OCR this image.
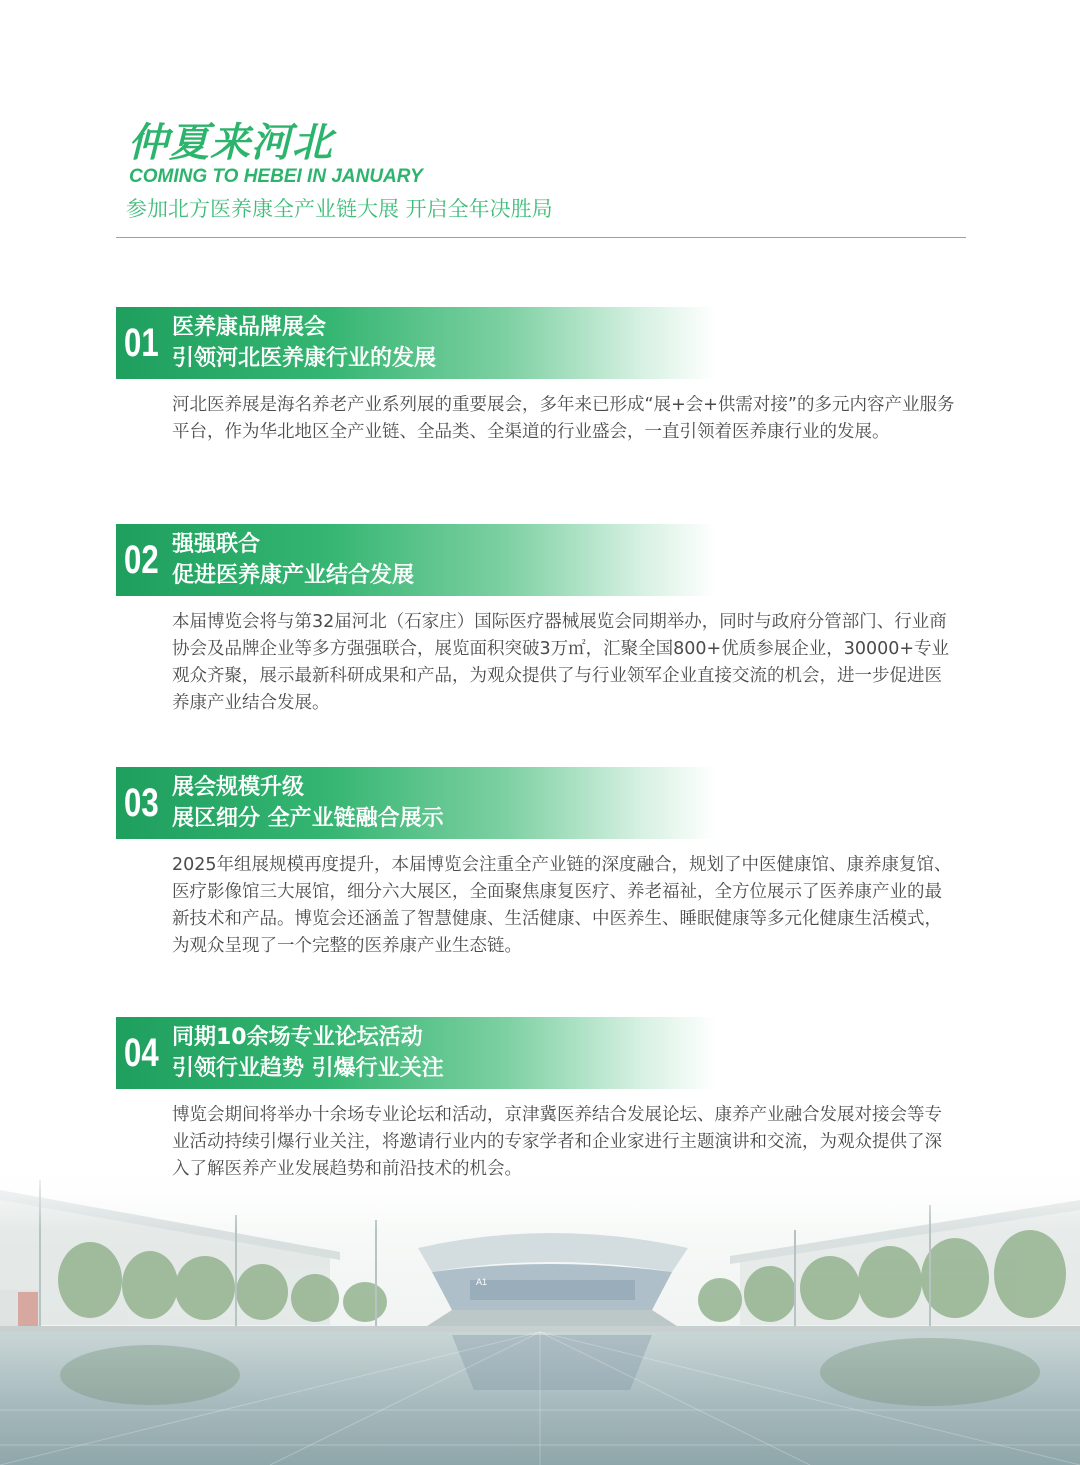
仲夏来河北
COMING TO HEBEI IN JANUARY
参加北方医养康全产业链大展 开启全年决胜局
01 医养康品牌展会
引领河北医养康行业的发展
河北医养展是海名养老产业系列展的重要展会，多年来已形成“展+会+供需对接”的多元内容产业服务平台，作为华北地区全产业链、全品类、全渠道的行业盛会，一直引领着医养康行业的发展。
02 强强联合
促进医养康产业结合发展
本届博览会将与第32届河北（石家庄）国际医疗器械展览会同期举办，同时与政府分管部门、行业商协会及品牌企业等多方强强联合，展览面积突破3万㎡，汇聚全国800+优质参展企业，30000+专业观众齐聚，展示最新科研成果和产品，为观众提供了与行业领军企业直接交流的机会，进一步促进医养康产业结合发展。
03 展会规模升级
展区细分 全产业链融合展示
2025年组展规模再度提升，本届博览会注重全产业链的深度融合，规划了中医健康馆、康养康复馆、医疗影像馆三大展馆，细分六大展区，全面聚焦康复医疗、养老福祉，全方位展示了医养康产业的最新技术和产品。博览会还涵盖了智慧健康、生活健康、中医养生、睡眠健康等多元化健康生活模式，为观众呈现了一个完整的医养康产业生态链。
04 同期10余场专业论坛活动
引领行业趋势 引爆行业关注
博览会期间将举办十余场专业论坛和活动，京津冀医养结合发展论坛、康养产业融合发展对接会等专业活动持续引爆行业关注，将邀请行业内的专家学者和企业家进行主题演讲和交流，为观众提供了深入了解医养产业发展趋势和前沿技术的机会。
A1
